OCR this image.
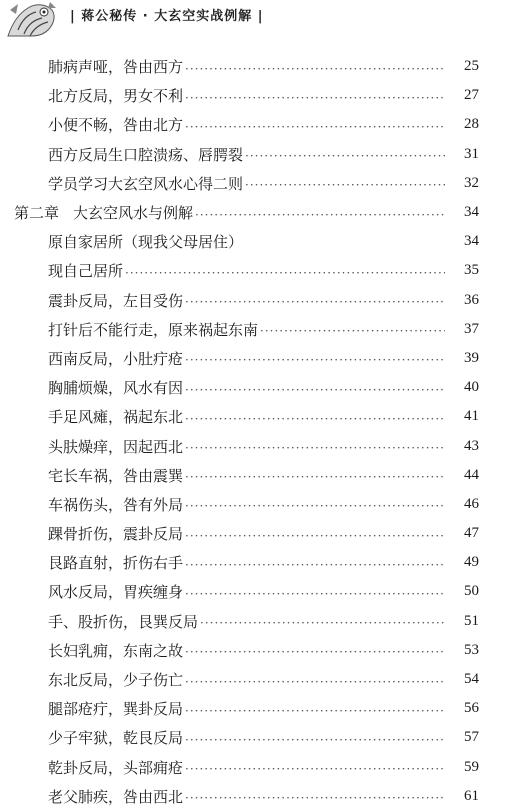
| 蒋公秘传 · 大玄空实战例解 |
肺病声哑，咎由西方 ·····	25
北方反局，男女不利 ·····	27
小便不畅，咎由北方 ·····	28
西方反局生口腔溃疡、唇腭裂 ·····	31
学员学习大玄空风水心得二则 ·····	32
第二章 大玄空风水与例解 ·····	34
原自家居所（现我父母居住）	34
现自己居所 ·····	35
震卦反局，左目受伤 ·····	36
打针后不能行走，原来祸起东南 ·····	37
西南反局，小肚疔疮 ·····	39
胸脯烦燥，风水有因 ·····	40
手足风瘫，祸起东北 ·····	41
头肤燥痒，因起西北 ·····	43
宅长车祸，咎由震巽 ·····	44
车祸伤头，咎有外局 ·····	46
踝骨折伤，震卦反局 ·····	47
艮路直射，折伤右手 ·····	49
风水反局，胃疾缠身 ·····	50
手、股折伤，艮巽反局 ·····	51
长妇乳痈，东南之故 ·····	53
东北反局，少子伤亡 ·····	54
腿部疮疔，巽卦反局 ·····	56
少子牢狱，乾艮反局 ·····	57
乾卦反局，头部痈疮 ·····	59
老父肺疾，咎由西北 ·····	61
